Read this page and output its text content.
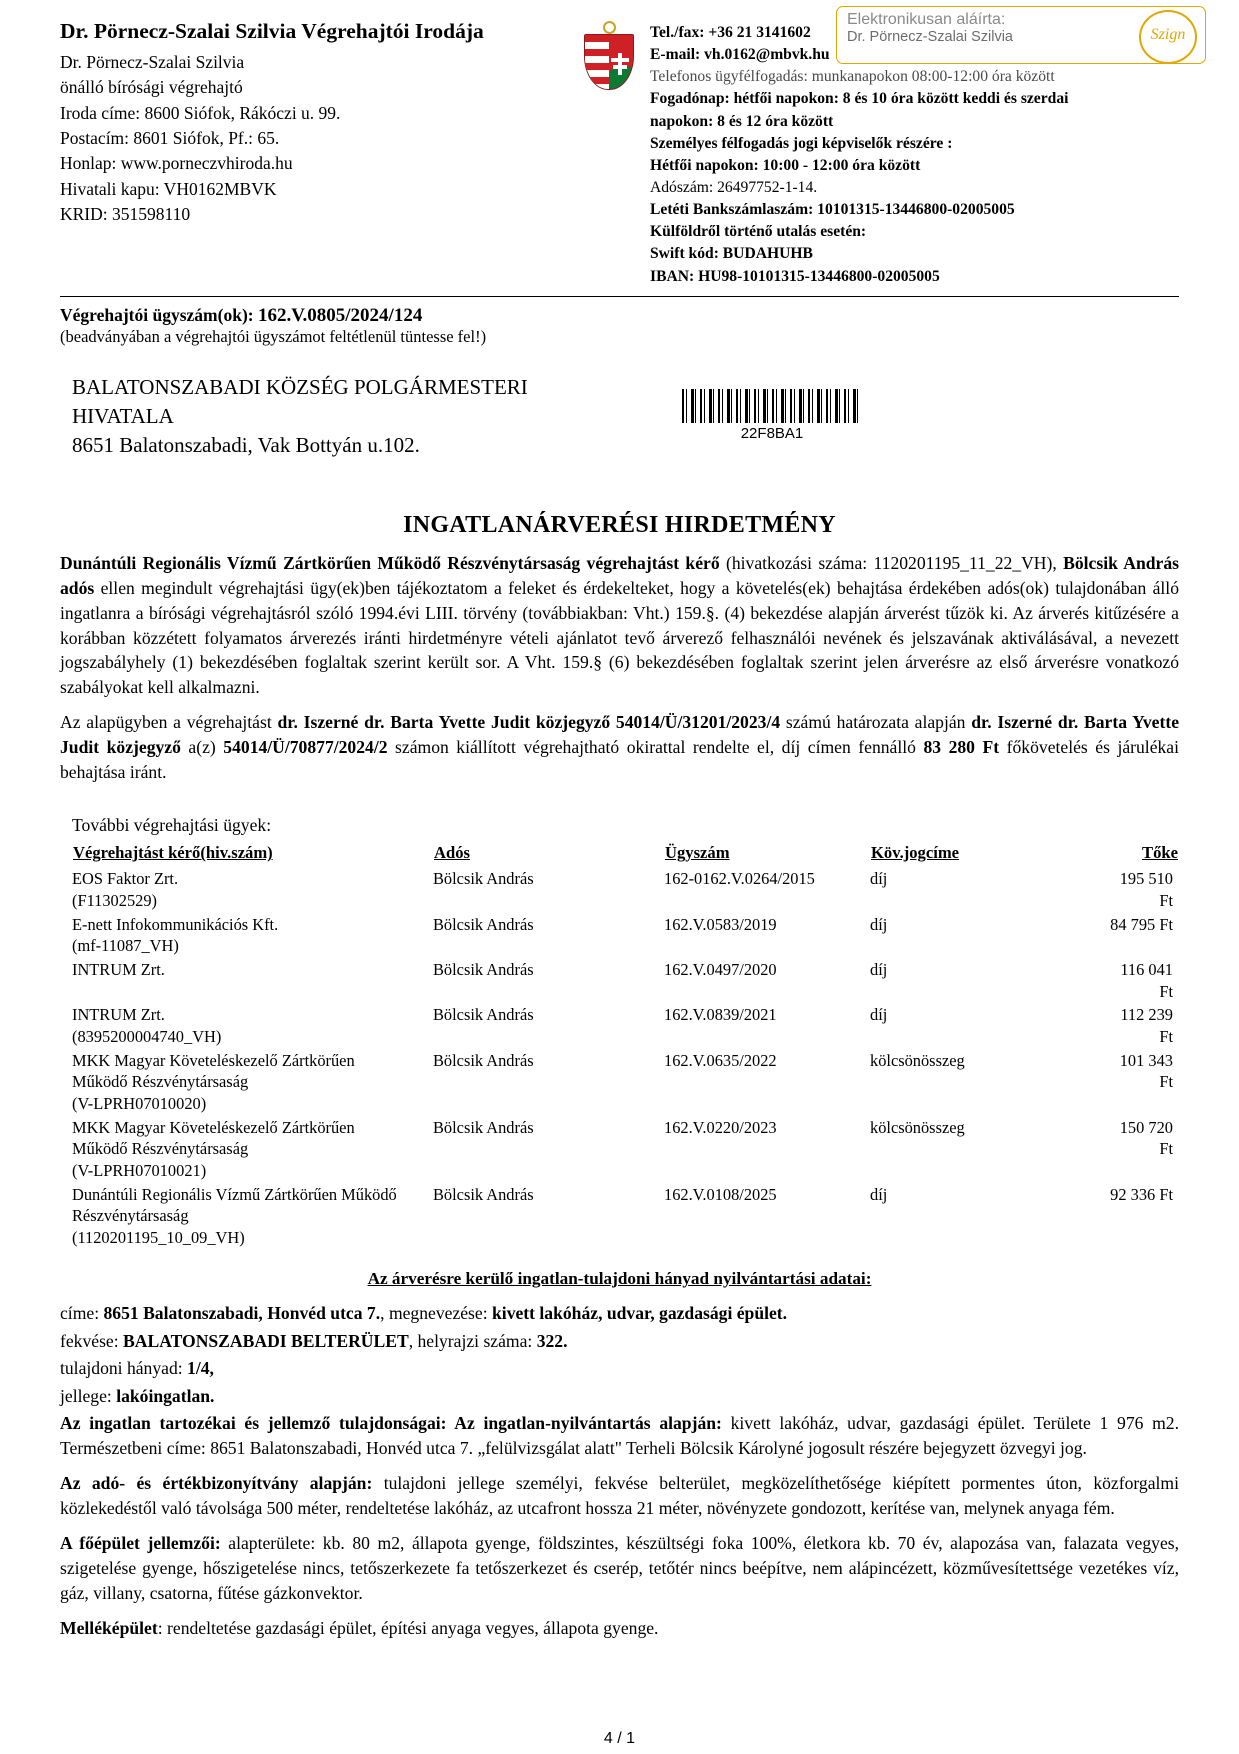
Elektronikusan aláírta:
Dr. Pörnecz-Szalai Szilvia	Szign
Dr. Pörnecz-Szalai Szilvia Végrehajtói Irodája
Dr. Pörnecz-Szalai Szilvia
önálló bírósági végrehajtó
Iroda címe: 8600 Siófok, Rákóczi u. 99.
Postacím: 8601 Siófok, Pf.: 65.
Honlap: www.porneczvhiroda.hu
Hivatali kapu: VH0162MBVK
KRID: 351598110
Tel./fax: +36 21 3141602
E-mail: vh.0162@mbvk.hu
Telefonos ügyfélfogadás: munkanapokon 08:00-12:00 óra között
Fogadónap: hétfői napokon: 8 és 10 óra között keddi és szerdai
napokon: 8 és 12 óra között
Személyes félfogadás jogi képviselők részére :
Hétfői napokon: 10:00 - 12:00 óra között
Adószám: 26497752-1-14.
Letéti Bankszámlaszám: 10101315-13446800-02005005
Külföldről történő utalás esetén:
Swift kód: BUDAHUHB
IBAN: HU98-10101315-13446800-02005005
Végrehajtói ügyszám(ok): 162.V.0805/2024/124
(beadványában a végrehajtói ügyszámot feltétlenül tüntesse fel!)
BALATONSZABADI KÖZSÉG POLGÁRMESTERI
HIVATALA
8651 Balatonszabadi, Vak Bottyán u.102.	22F8BA1
INGATLANÁRVERÉSI HIRDETMÉNY

Dunántúli Regionális Vízmű Zártkörűen Működő Részvénytársaság végrehajtást kérő (hivatkozási száma: 1120201195_11_22_VH), Bölcsik András adós ellen megindult végrehajtási ügy(ek)ben tájékoztatom a feleket és érdekelteket, hogy a követelés(ek) behajtása érdekében adós(ok) tulajdonában álló ingatlanra a bírósági végrehajtásról szóló 1994.évi LIII. törvény (továbbiakban: Vht.) 159.§. (4) bekezdése alapján árverést tűzök ki. Az árverés kitűzésére a korábban közzétett folyamatos árverezés iránti hirdetményre vételi ajánlatot tevő árverező felhasználói nevének és jelszavának aktiválásával, a nevezett jogszabályhely (1) bekezdésében foglaltak szerint került sor. A Vht. 159.§ (6) bekezdésében foglaltak szerint jelen árverésre az első árverésre vonatkozó szabályokat kell alkalmazni.

Az alapügyben a végrehajtást dr. Iszerné dr. Barta Yvette Judit közjegyző 54014/Ü/31201/2023/4 számú határozata alapján dr. Iszerné dr. Barta Yvette Judit közjegyző a(z) 54014/Ü/70877/2024/2 számon kiállított végrehajtható okirattal rendelte el, díj címen fennálló 83 280 Ft főkövetelés és járulékai behajtása iránt.

További végrehajtási ügyek:
Végrehajtást kérő(hiv.szám)	Adós	Ügyszám	Köv.jogcíme	Tőke
EOS Faktor Zrt.
(F11302529)	Bölcsik András	162-0162.V.0264/2015	díj	195 510 Ft
E-nett Infokommunikációs Kft.
(mf-11087_VH)	Bölcsik András	162.V.0583/2019	díj	84 795 Ft
INTRUM Zrt.	Bölcsik András	162.V.0497/2020	díj	116 041 Ft
INTRUM Zrt.
(8395200004740_VH)	Bölcsik András	162.V.0839/2021	díj	112 239 Ft
MKK Magyar Követeléskezelő Zártkörűen
Működő Részvénytársaság
(V-LPRH07010020)	Bölcsik András	162.V.0635/2022	kölcsönösszeg	101 343 Ft
MKK Magyar Követeléskezelő Zártkörűen
Működő Részvénytársaság
(V-LPRH07010021)	Bölcsik András	162.V.0220/2023	kölcsönösszeg	150 720 Ft
Dunántúli Regionális Vízmű Zártkörűen Működő
Részvénytársaság
(1120201195_10_09_VH)	Bölcsik András	162.V.0108/2025	díj	92 336 Ft
Az árverésre kerülő ingatlan-tulajdoni hányad nyilvántartási adatai:

címe: 8651 Balatonszabadi, Honvéd utca 7., megnevezése: kivett lakóház, udvar, gazdasági épület.

fekvése: BALATONSZABADI BELTERÜLET, helyrajzi száma: 322.

tulajdoni hányad: 1/4,

jellege: lakóingatlan.

Az ingatlan tartozékai és jellemző tulajdonságai: Az ingatlan-nyilvántartás alapján: kivett lakóház, udvar, gazdasági épület. Területe 1 976 m2. Természetbeni címe: 8651 Balatonszabadi, Honvéd utca 7. „felülvizsgálat alatt" Terheli Bölcsik Károlyné jogosult részére bejegyzett özvegyi jog.

Az adó- és értékbizonyítvány alapján: tulajdoni jellege személyi, fekvése belterület, megközelíthetősége kiépített pormentes úton, közforgalmi közlekedéstől való távolsága 500 méter, rendeltetése lakóház, az utcafront hossza 21 méter, növényzete gondozott, kerítése van, melynek anyaga fém.

A főépület jellemzői: alapterülete: kb. 80 m2, állapota gyenge, földszintes, készültségi foka 100%, életkora kb. 70 év, alapozása van, falazata vegyes, szigetelése gyenge, hőszigetelése nincs, tetőszerkezete fa tetőszerkezet és cserép, tetőtér nincs beépítve, nem alápincézett, közművesítettsége vezetékes víz, gáz, villany, csatorna, fűtése gázkonvektor.

Melléképület: rendeltetése gazdasági épület, építési anyaga vegyes, állapota gyenge.

4 / 1
